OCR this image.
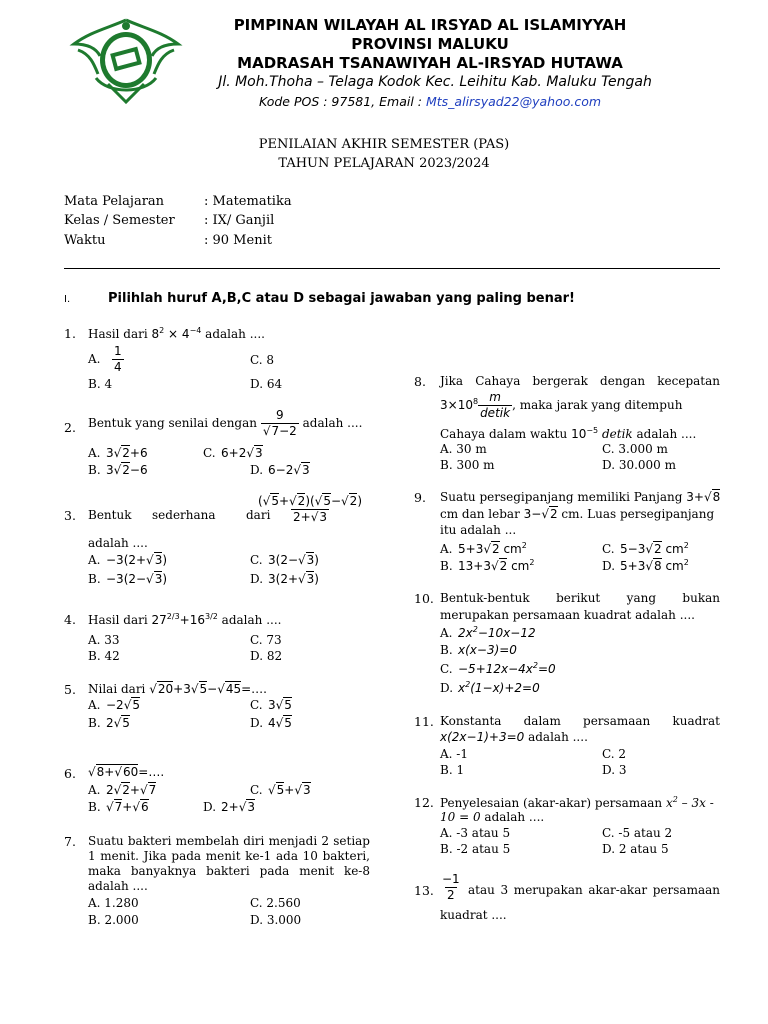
PIMPINAN WILAYAH AL IRSYAD AL ISLAMIYYAH
PROVINSI MALUKU
MADRASAH TSANAWIYAH AL-IRSYAD HUTAWA
Jl. Moh.Thoha – Telaga Kodok Kec. Leihitu Kab. Maluku Tengah
Kode POS : 97581, Email : Mts_alirsyad22@yahoo.com
PENILAIAN AKHIR SEMESTER (PAS)
TAHUN PELAJARAN 2023/2024
Mata Pelajaran	: Matematika
Kelas / Semester : IX/ Ganjil
Waktu	: 90 Menit
I.	Pilihlah huruf A,B,C atau D sebagai jawaban yang paling benar!
1. Hasil dari $8^2 \times 4^{-4}$ adalah ....
A. $\frac{1}{4}$	C. 8
B. 4	D. 64
2. Bentuk yang senilai dengan $\frac{9}{√7-2}$ adalah ....
A. 3√2+6	C. 6+2√3
B. 3√2−6	D. 6−2√3
3. Bentuk sederhana	dari
$\frac{(√5+√2)(√5-√2)}{2+√3}$
adalah ....
A. −3(2+√3)	C. 3(2−√3)
B. −3(2−√3)	D. 3(2+√3)
4. Hasil dari $27^{2/3}+16^{3/2}$ adalah ....
A. 33	C. 73
B. 42	D. 82
5. Nilai dari √20+3√5−√45=….
A. −2√5	C. 3√5
B. 2√5	D. 4√5
6. √8+√60=….
A. 2√2+√7	C. √5+√3
B. √7+√6	D. 2+√3
7. Suatu bakteri membelah diri menjadi 2 setiap 1 menit. Jika pada menit ke-1 ada 10 bakteri, maka banyaknya bakteri pada menit ke-8 adalah ....
A. 1.280	C. 2.560
B. 2.000	D. 3.000
8. Jika Cahaya bergerak dengan kecepatan
$3\times 10^8 \frac{m}{\text{detik}}$ , maka jarak yang ditempuh
Cahaya dalam waktu $10^{-5}$ detik adalah ....
A. 30 m	C. 3.000 m
B. 300 m	D. 30.000 m
9. Suatu persegipanjang memiliki Panjang 3+√8
cm dan lebar 3−√2 cm. Luas persegipanjang
itu adalah ...
A. 5+3√2 $cm^2$	C. 5−3√2 $cm^2$
B. 13+3√2 $cm^2$	D. 5+3√8 $cm^2$
10. Bentuk-bentuk berikut yang bukan
merupakan persamaan kuadrat adalah ....
A. $2x^2-10x-12$
B. x(x−3)=0
C. $-5+12x-4x^2=0$
D. $x^2(1-x)+2=0$
11. Konstanta dalam persamaan kuadrat
x(2x−1)+3=0 adalah ....
A. -1	C. 2
B. 1	D. 3
12. Penyelesaian (akar-akar) persamaan $x^2 - 3x$ -
10 = 0 adalah ....
A. -3 atau 5	C. -5 atau 2
B. -2 atau 5	D. 2 atau 5
13. $\frac{-1}{2}$ atau 3 merupakan akar-akar persamaan
kuadrat ....
